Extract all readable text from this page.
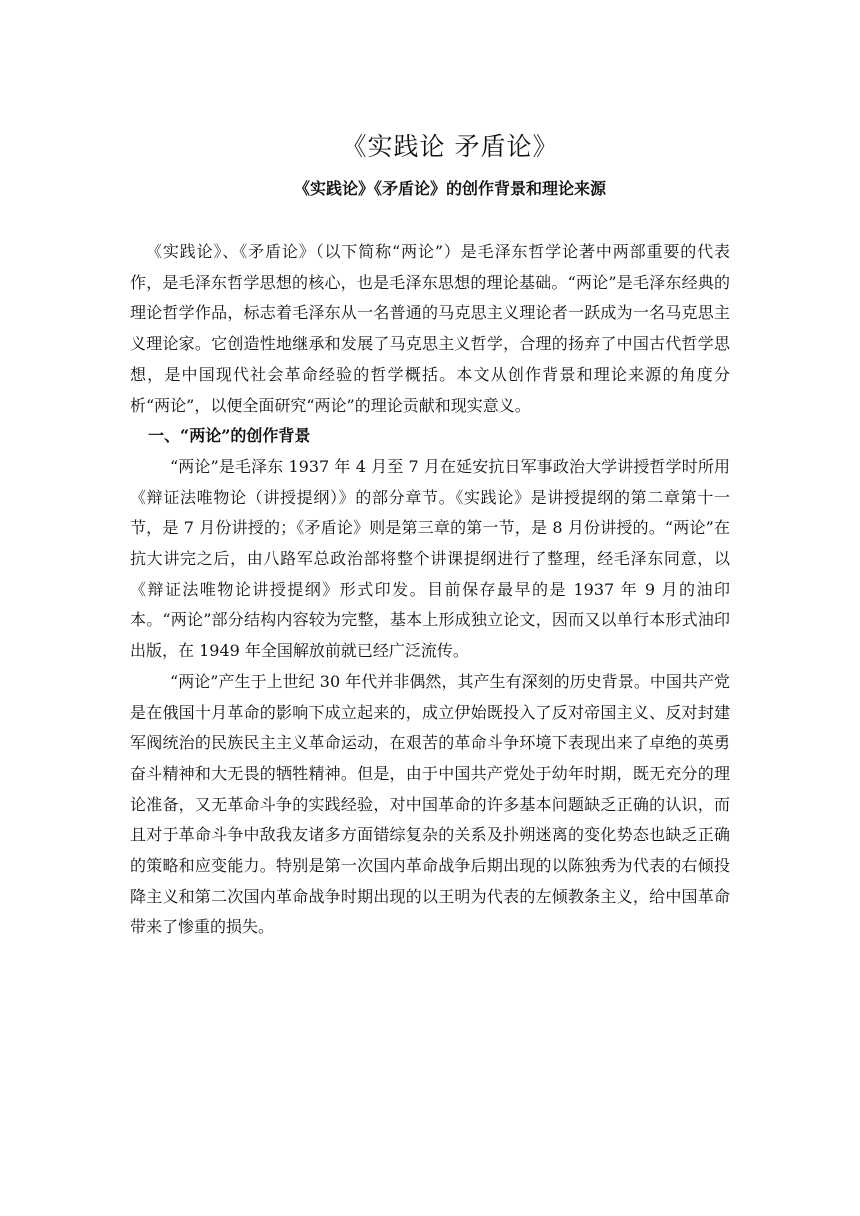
《实践论 矛盾论》
《实践论》《矛盾论》的创作背景和理论来源

《实践论》、《矛盾论》（以下简称“两论”）是毛泽东哲学论著中两部重要的代表作，是毛泽东哲学思想的核心，也是毛泽东思想的理论基础。“两论”是毛泽东经典的理论哲学作品，标志着毛泽东从一名普通的马克思主义理论者一跃成为一名马克思主义理论家。它创造性地继承和发展了马克思主义哲学，合理的扬弃了中国古代哲学思想，是中国现代社会革命经验的哲学概括。本文从创作背景和理论来源的角度分析“两论”，以便全面研究“两论”的理论贡献和现实意义。

一、“两论”的创作背景

“两论”是毛泽东 1937 年 4 月至 7 月在延安抗日军事政治大学讲授哲学时所用《辩证法唯物论（讲授提纲）》的部分章节。《实践论》是讲授提纲的第二章第十一节，是 7 月份讲授的；《矛盾论》则是第三章的第一节，是 8 月份讲授的。“两论”在抗大讲完之后，由八路军总政治部将整个讲课提纲进行了整理，经毛泽东同意，以《辩证法唯物论讲授提纲》形式印发。目前保存最早的是 1937 年 9 月的油印本。“两论”部分结构内容较为完整，基本上形成独立论文，因而又以单行本形式油印出版，在 1949 年全国解放前就已经广泛流传。

“两论”产生于上世纪 30 年代并非偶然，其产生有深刻的历史背景。中国共产党是在俄国十月革命的影响下成立起来的，成立伊始既投入了反对帝国主义、反对封建军阀统治的民族民主主义革命运动，在艰苦的革命斗争环境下表现出来了卓绝的英勇奋斗精神和大无畏的牺牲精神。但是，由于中国共产党处于幼年时期，既无充分的理论准备，又无革命斗争的实践经验，对中国革命的许多基本问题缺乏正确的认识，而且对于革命斗争中敌我友诸多方面错综复杂的关系及扑朔迷离的变化势态也缺乏正确的策略和应变能力。特别是第一次国内革命战争后期出现的以陈独秀为代表的右倾投降主义和第二次国内革命战争时期出现的以王明为代表的左倾教条主义，给中国革命带来了惨重的损失。
